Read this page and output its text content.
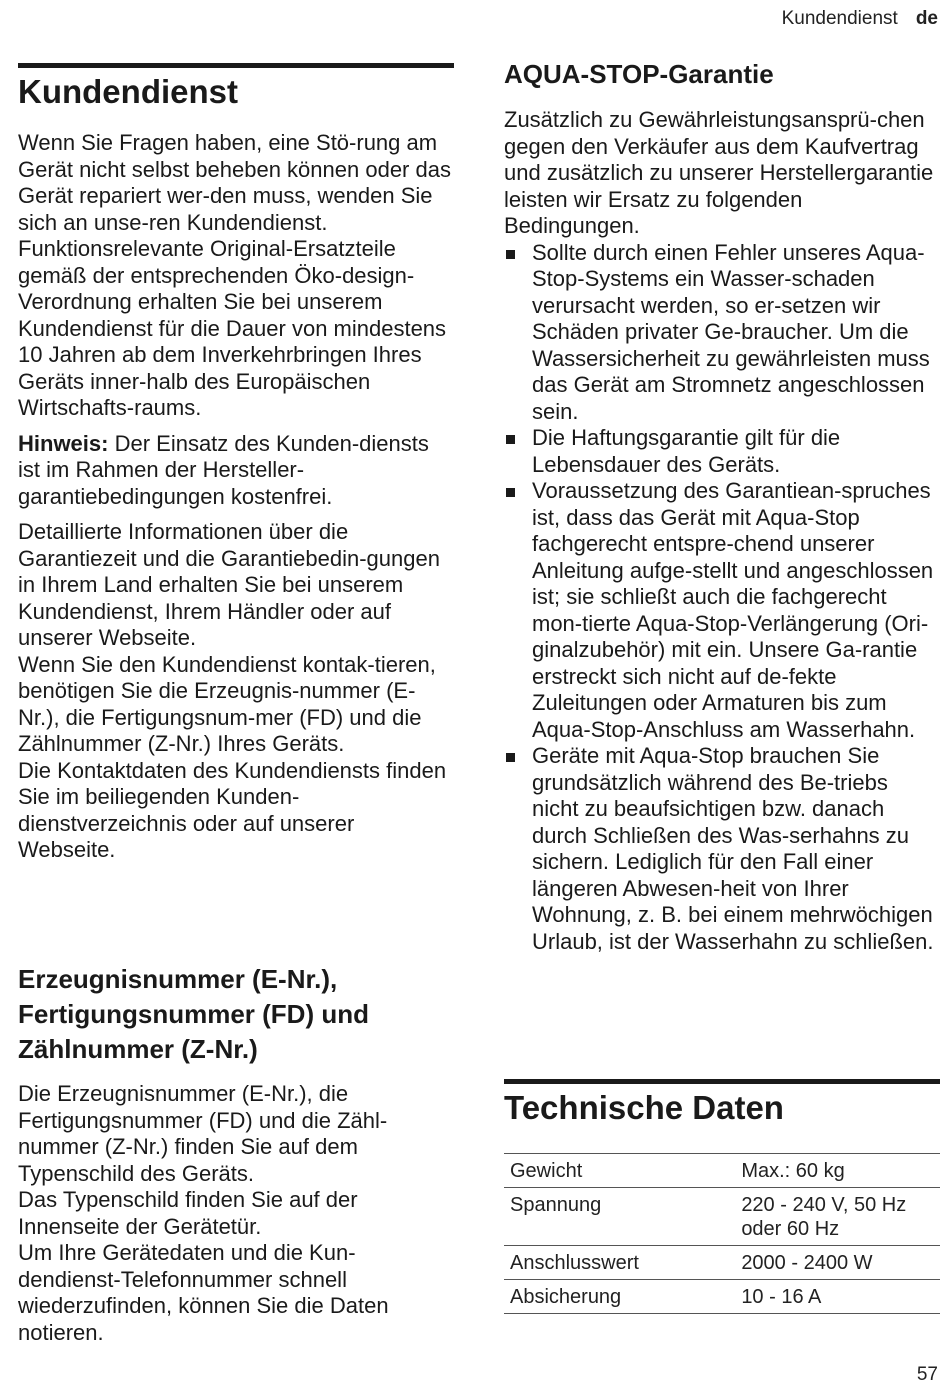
Kundendienst de
Kundendienst

Wenn Sie Fragen haben, eine Stö-rung am Gerät nicht selbst beheben können oder das Gerät repariert wer-den muss, wenden Sie sich an unse-ren Kundendienst.

Funktionsrelevante Original-Ersatzteile gemäß der entsprechenden Öko-design-Verordnung erhalten Sie bei unserem Kundendienst für die Dauer von mindestens 10 Jahren ab dem Inverkehrbringen Ihres Geräts inner-halb des Europäischen Wirtschafts-raums.

Hinweis: Der Einsatz des Kunden-diensts ist im Rahmen der Hersteller-garantiebedingungen kostenfrei.

Detaillierte Informationen über die Garantiezeit und die Garantiebedin-gungen in Ihrem Land erhalten Sie bei unserem Kundendienst, Ihrem Händler oder auf unserer Webseite.

Wenn Sie den Kundendienst kontak-tieren, benötigen Sie die Erzeugnis-nummer (E-Nr.), die Fertigungsnum-mer (FD) und die Zählnummer (Z-Nr.) Ihres Geräts.

Die Kontaktdaten des Kundendiensts finden Sie im beiliegenden Kunden-dienstverzeichnis oder auf unserer Webseite.

Erzeugnisnummer (E-Nr.), Fertigungsnummer (FD) und Zählnummer (Z-Nr.)

Die Erzeugnisnummer (E-Nr.), die Fertigungsnummer (FD) und die Zähl-nummer (Z-Nr.) finden Sie auf dem Typenschild des Geräts.

Das Typenschild finden Sie auf der Innenseite der Gerätetür.

Um Ihre Gerätedaten und die Kun-dendienst-Telefonnummer schnell wiederzufinden, können Sie die Daten notieren.

AQUA-STOP-Garantie

Zusätzlich zu Gewährleistungsansprü-chen gegen den Verkäufer aus dem Kaufvertrag und zusätzlich zu unserer Herstellergarantie leisten wir Ersatz zu folgenden Bedingungen.

Sollte durch einen Fehler unseres Aqua-Stop-Systems ein Wasser-schaden verursacht werden, so er-setzen wir Schäden privater Ge-braucher. Um die Wassersicherheit zu gewährleisten muss das Gerät am Stromnetz angeschlossen sein.
Die Haftungsgarantie gilt für die Lebensdauer des Geräts.
Voraussetzung des Garantiean-spruches ist, dass das Gerät mit Aqua-Stop fachgerecht entspre-chend unserer Anleitung aufge-stellt und angeschlossen ist; sie schließt auch die fachgerecht mon-tierte Aqua-Stop-Verlängerung (Ori-ginalzubehör) mit ein. Unsere Ga-rantie erstreckt sich nicht auf de-fekte Zuleitungen oder Armaturen bis zum Aqua-Stop-Anschluss am Wasserhahn.
Geräte mit Aqua-Stop brauchen Sie grundsätzlich während des Be-triebs nicht zu beaufsichtigen bzw. danach durch Schließen des Was-serhahns zu sichern. Lediglich für den Fall einer längeren Abwesen-heit von Ihrer Wohnung, z. B. bei einem mehrwöchigen Urlaub, ist der Wasserhahn zu schließen.
Technische Daten
Gewicht	Max.: 60 kg
Spannung	220 - 240 V, 50 Hz oder 60 Hz
Anschlusswert	2000 - 2400 W
Absicherung	10 - 16 A
57
